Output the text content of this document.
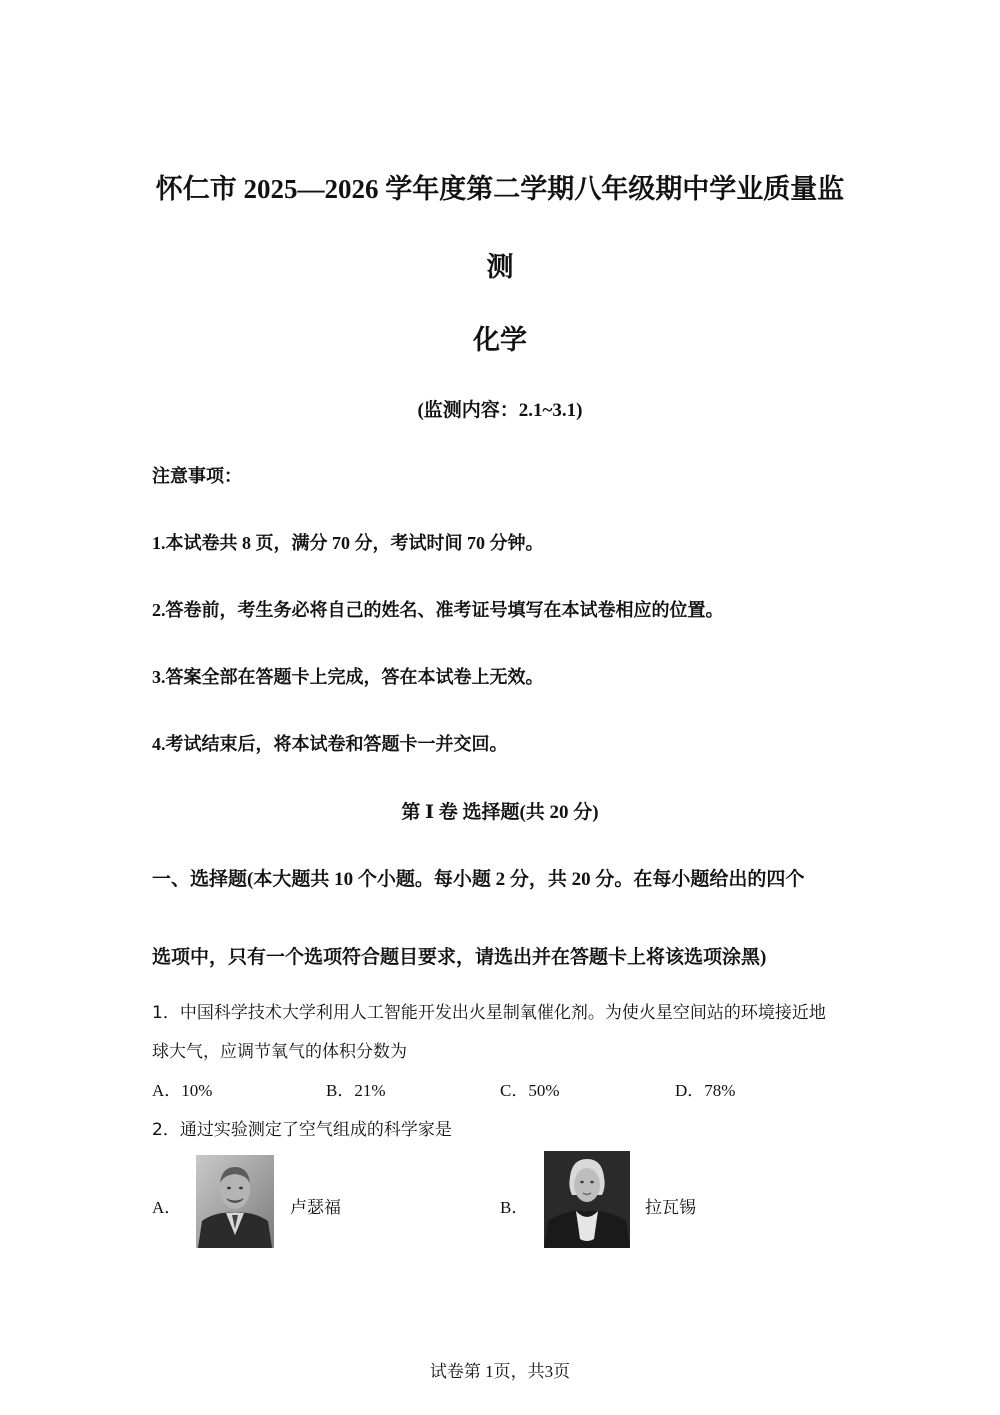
怀仁市 2025—2026 学年度第二学期八年级期中学业质量监
测
化学
(监测内容：2.1~3.1)
注意事项：
1.本试卷共 8 页，满分 70 分，考试时间 70 分钟。
2.答卷前，考生务必将自己的姓名、准考证号填写在本试卷相应的位置。
3.答案全部在答题卡上完成，答在本试卷上无效。
4.考试结束后，将本试卷和答题卡一并交回。
第 Ⅰ 卷 选择题(共 20 分)
一、选择题(本大题共 10 个小题。每小题 2 分，共 20 分。在每小题给出的四个
选项中，只有一个选项符合题目要求，请选出并在答题卡上将该选项涂黑)
1．中国科学技术大学利用人工智能开发出火星制氧催化剂。为使火星空间站的环境接近地
球大气，应调节氧气的体积分数为
A．10%	B．21%	C．50%	D．78%
2．通过实验测定了空气组成的科学家是
A．	卢瑟福	B．	拉瓦锡
试卷第 1页，共3页
